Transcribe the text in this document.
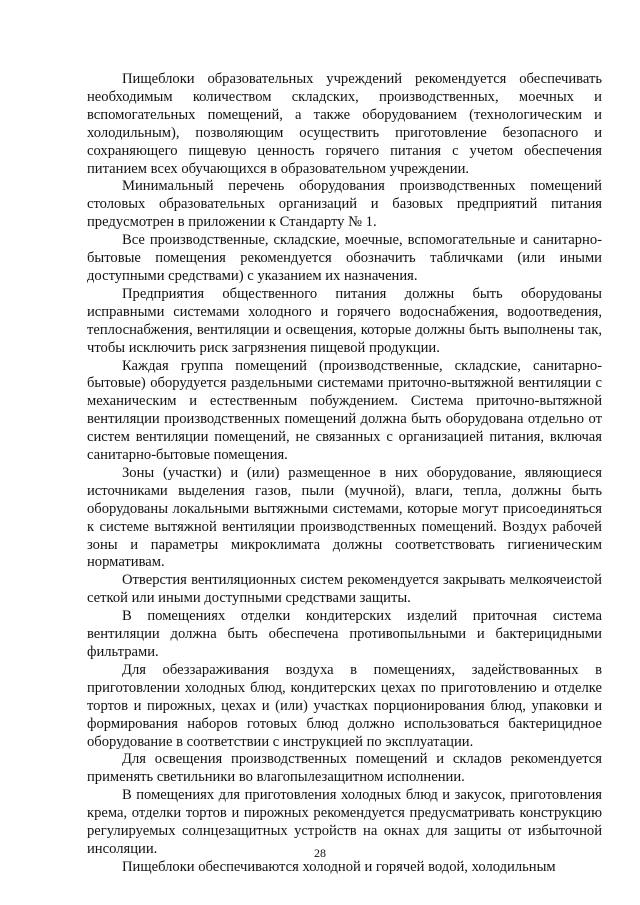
Пищеблоки образовательных учреждений рекомендуется обеспечивать необходимым количеством складских, производственных, моечных и вспомогательных помещений, а также оборудованием (технологическим и холодильным), позволяющим осуществить приготовление безопасного и сохраняющего пищевую ценность горячего питания с учетом обеспечения питанием всех обучающихся в образовательном учреждении.

Минимальный перечень оборудования производственных помещений столовых образовательных организаций и базовых предприятий питания предусмотрен в приложении к Стандарту № 1.

Все производственные, складские, моечные, вспомогательные и санитарно-бытовые помещения рекомендуется обозначить табличками (или иными доступными средствами) с указанием их назначения.

Предприятия общественного питания должны быть оборудованы исправными системами холодного и горячего водоснабжения, водоотведения, теплоснабжения, вентиляции и освещения, которые должны быть выполнены так, чтобы исключить риск загрязнения пищевой продукции.

Каждая группа помещений (производственные, складские, санитарно-бытовые) оборудуется раздельными системами приточно-вытяжной вентиляции с механическим и естественным побуждением. Система приточно-вытяжной вентиляции производственных помещений должна быть оборудована отдельно от систем вентиляции помещений, не связанных с организацией питания, включая санитарно-бытовые помещения.

Зоны (участки) и (или) размещенное в них оборудование, являющиеся источниками выделения газов, пыли (мучной), влаги, тепла, должны быть оборудованы локальными вытяжными системами, которые могут присоединяться к системе вытяжной вентиляции производственных помещений. Воздух рабочей зоны и параметры микроклимата должны соответствовать гигиеническим нормативам.

Отверстия вентиляционных систем рекомендуется закрывать мелкоячеистой сеткой или иными доступными средствами защиты.

В помещениях отделки кондитерских изделий приточная система вентиляции должна быть обеспечена противопыльными и бактерицидными фильтрами.

Для обеззараживания воздуха в помещениях, задействованных в приготовлении холодных блюд, кондитерских цехах по приготовлению и отделке тортов и пирожных, цехах и (или) участках порционирования блюд, упаковки и формирования наборов готовых блюд должно использоваться бактерицидное оборудование в соответствии с инструкцией по эксплуатации.

Для освещения производственных помещений и складов рекомендуется применять светильники во влагопылезащитном исполнении.

В помещениях для приготовления холодных блюд и закусок, приготовления крема, отделки тортов и пирожных рекомендуется предусматривать конструкцию регулируемых солнцезащитных устройств на окнах для защиты от избыточной инсоляции.

Пищеблоки обеспечиваются холодной и горячей водой, холодильным

28
